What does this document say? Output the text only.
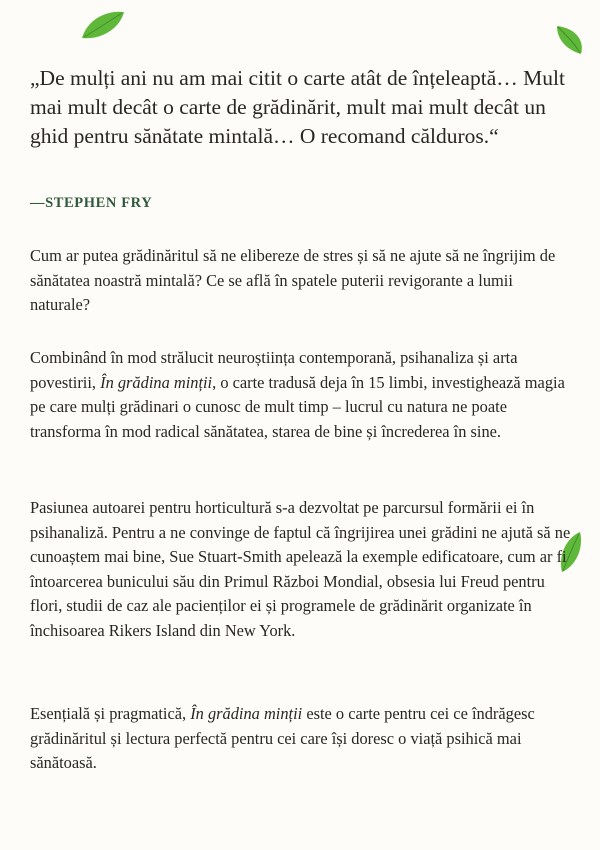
„De mulți ani nu am mai citit o carte atât de înțeleaptă… Mult mai mult decât o carte de grădinărit, mult mai mult decât un ghid pentru sănătate mintală… O recomand călduros.“

—STEPHEN FRY

Cum ar putea grădinăritul să ne elibereze de stres și să ne ajute să ne îngrijim de sănătatea noastră mintală? Ce se află în spatele puterii revigorante a lumii naturale?

Combinând în mod strălucit neuroștiința contemporană, psihanaliza și arta povestirii, În grădina minții, o carte tradusă deja în 15 limbi, investighează magia pe care mulți grădinari o cunosc de mult timp – lucrul cu natura ne poate transforma în mod radical sănătatea, starea de bine și încrederea în sine.

Pasiunea autoarei pentru horticultură s-a dezvoltat pe parcursul formării ei în psihanaliză. Pentru a ne convinge de faptul că îngrijirea unei grădini ne ajută să ne cunoaștem mai bine, Sue Stuart-Smith apelează la exemple edificatoare, cum ar fi întoarcerea bunicului său din Primul Război Mondial, obsesia lui Freud pentru flori, studii de caz ale pacienților ei și programele de grădinărit organizate în închisoarea Rikers Island din New York.

Esențială și pragmatică, În grădina minții este o carte pentru cei ce îndrăgesc grădinăritul și lectura perfectă pentru cei care își doresc o viață psihică mai sănătoasă.
